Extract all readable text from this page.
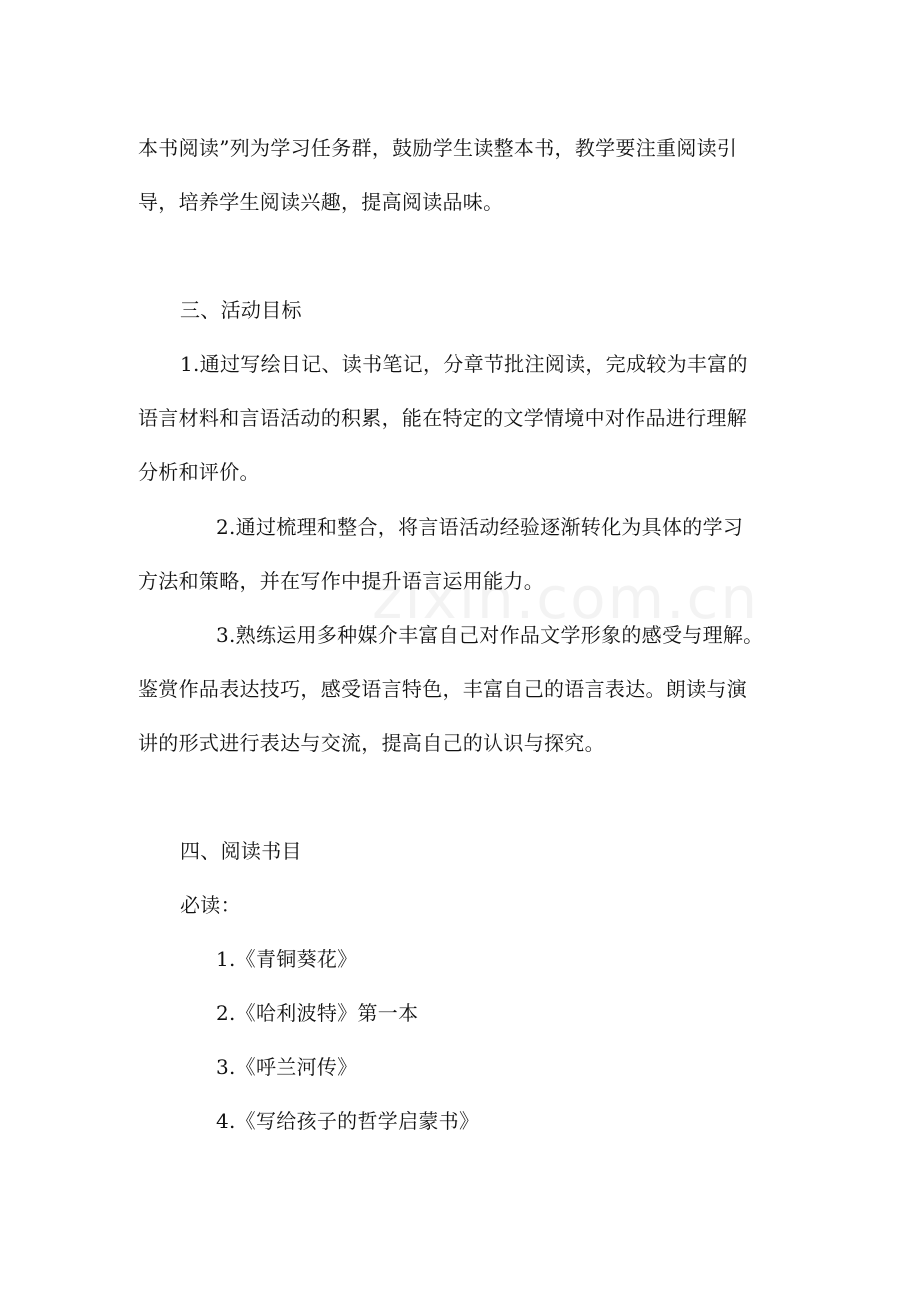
本书阅读”列为学习任务群，鼓励学生读整本书，教学要注重阅读引
导，培养学生阅读兴趣，提高阅读品味。
三、活动目标
1.通过写绘日记、读书笔记，分章节批注阅读，完成较为丰富的
语言材料和言语活动的积累，能在特定的文学情境中对作品进行理解
分析和评价。
2.通过梳理和整合，将言语活动经验逐渐转化为具体的学习
方法和策略，并在写作中提升语言运用能力。
3.熟练运用多种媒介丰富自己对作品文学形象的感受与理解。
鉴赏作品表达技巧，感受语言特色，丰富自己的语言表达。朗读与演
讲的形式进行表达与交流，提高自己的认识与探究。
四、阅读书目
必读：
1.《青铜葵花》
2.《哈利波特》第一本
3.《呼兰河传》
4.《写给孩子的哲学启蒙书》
